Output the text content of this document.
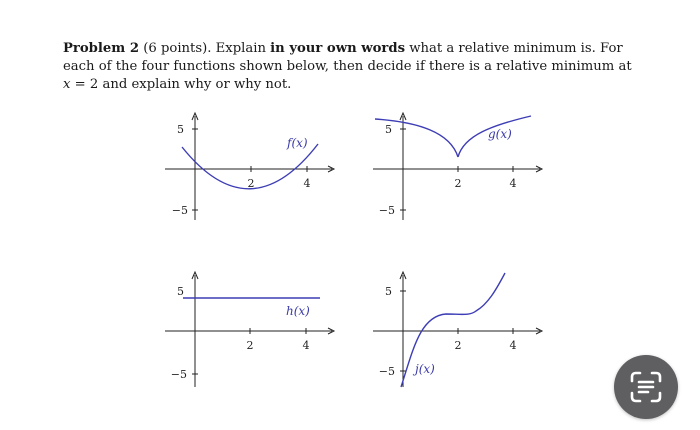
Problem 2 (6 points). Explain in your own words what a relative minimum is. For each of the four functions shown below, then decide if there is a relative minimum at x = 2 and explain why or why not.
2	4
5
−5
f(x)
2	4
5
−5
g(x)
2	4
5
−5
h(x)
2	4
5
−5 j(x)
